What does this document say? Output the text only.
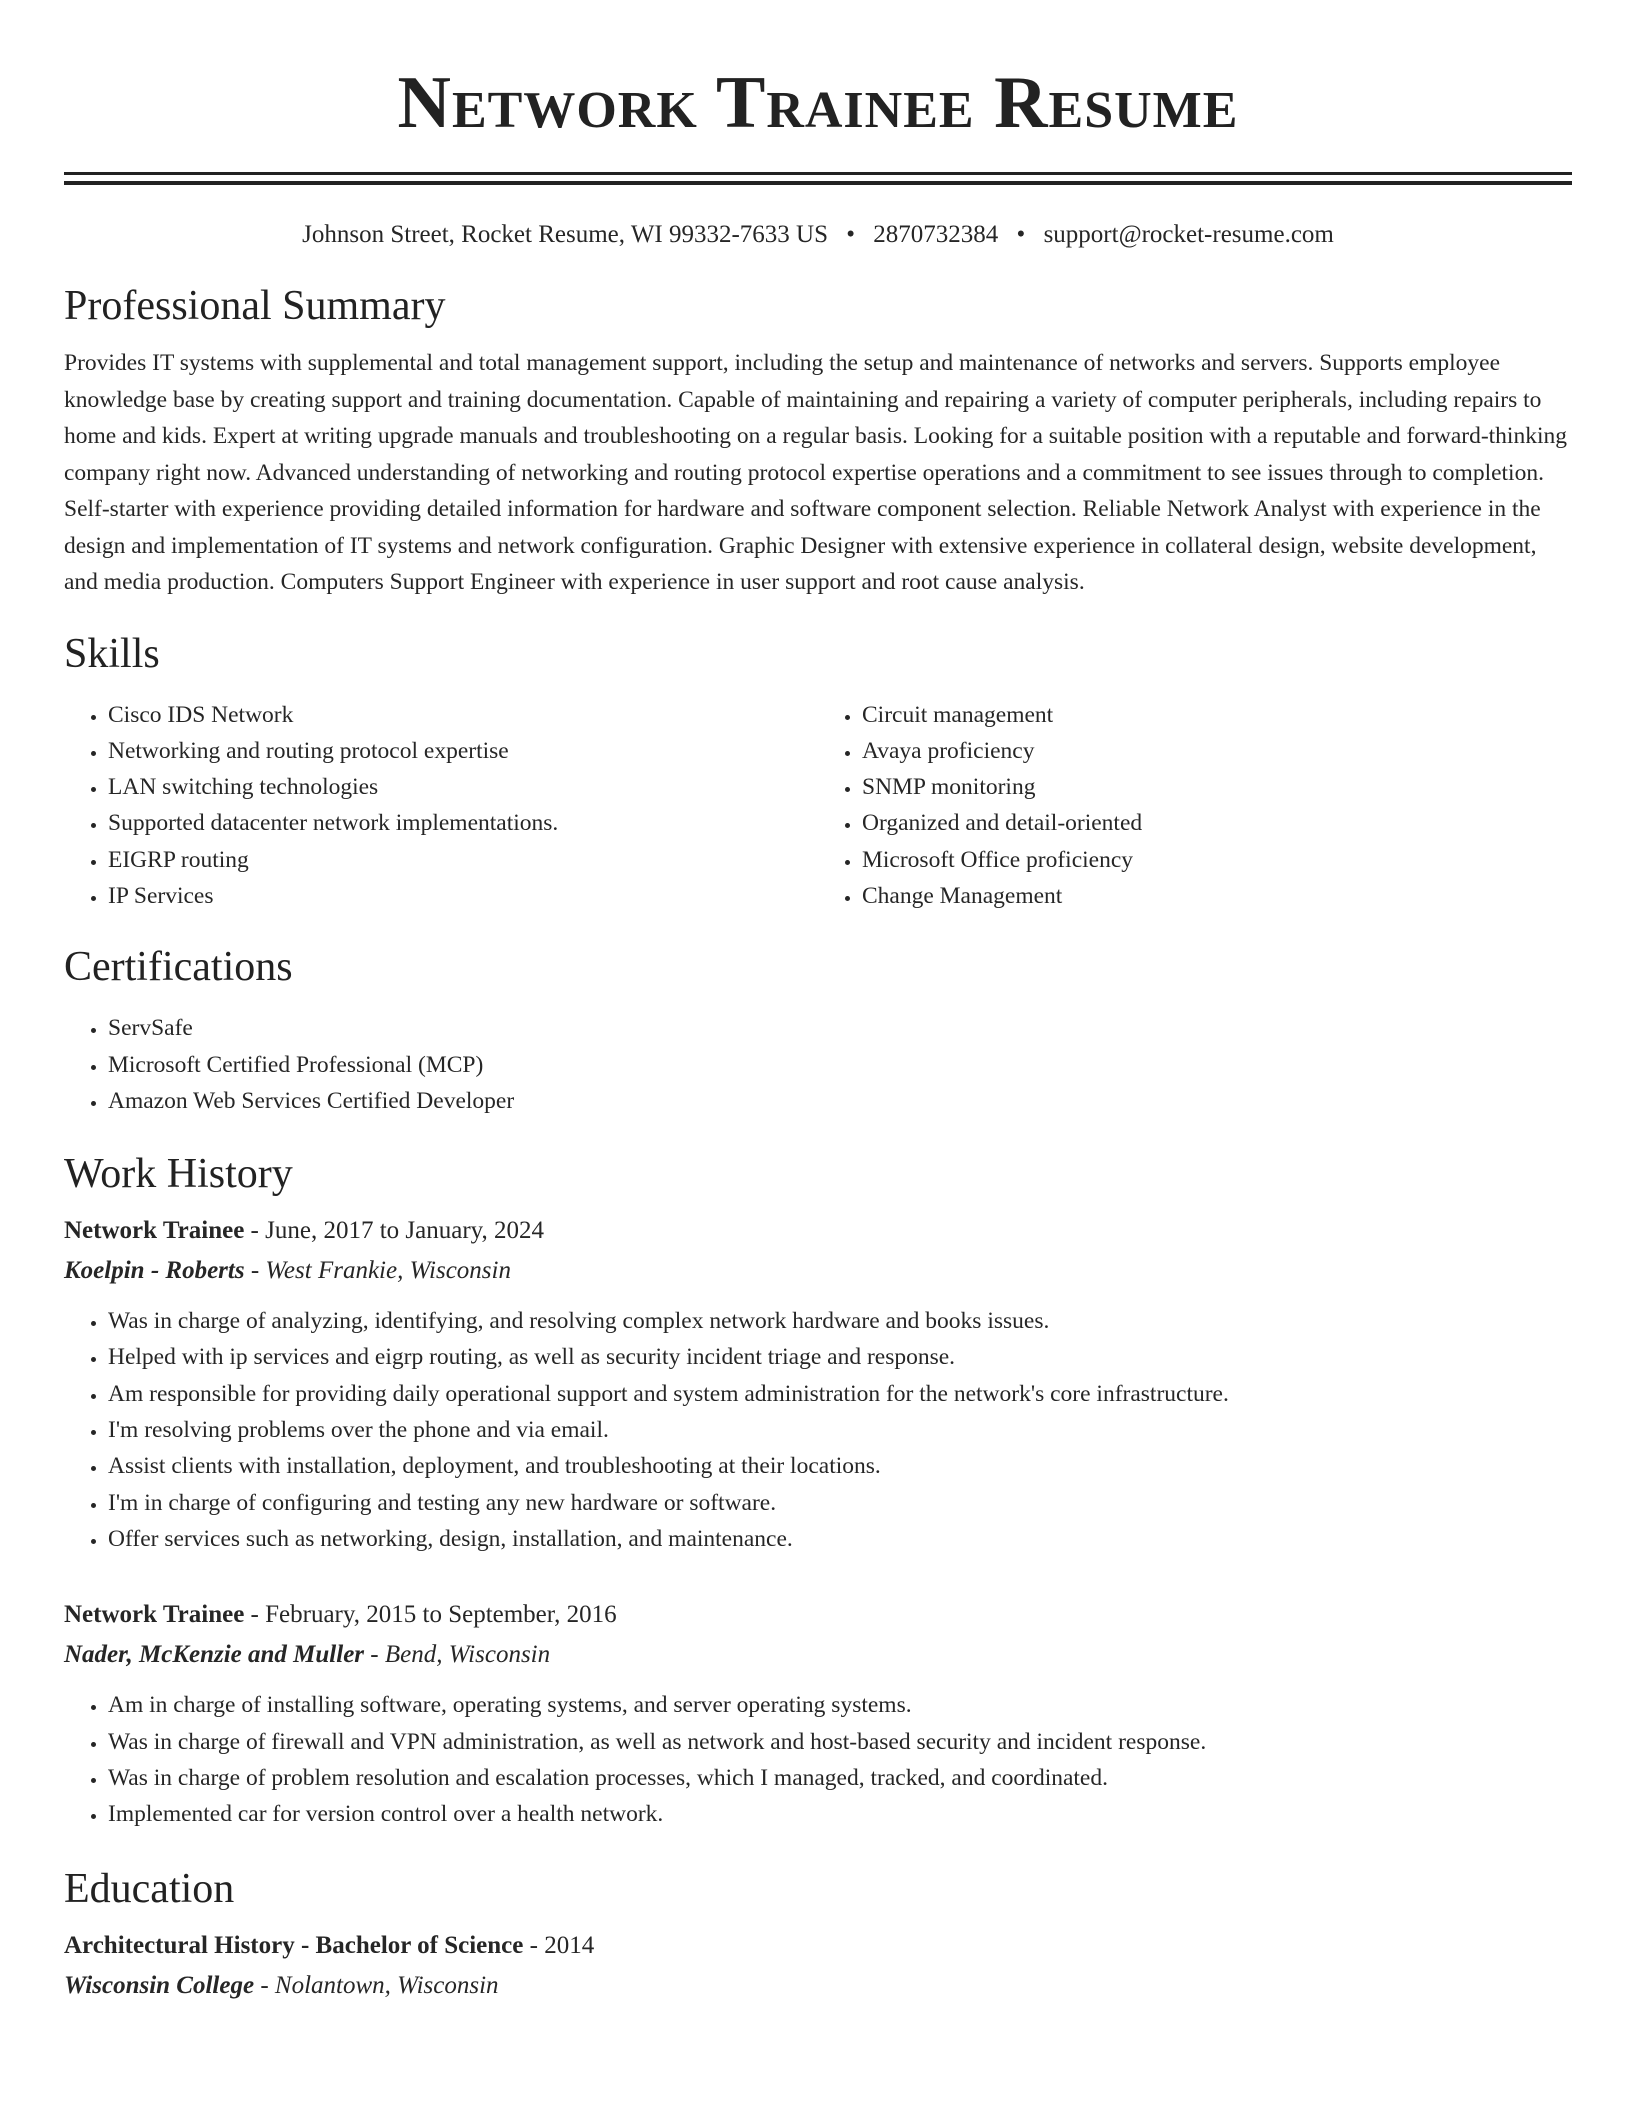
Network Trainee Resume
Johnson Street, Rocket Resume, WI 99332-7633 US • 2870732384 • support@rocket-resume.com
Professional Summary

Provides IT systems with supplemental and total management support, including the setup and maintenance of networks and servers. Supports employee knowledge base by creating support and training documentation. Capable of maintaining and repairing a variety of computer peripherals, including repairs to home and kids. Expert at writing upgrade manuals and troubleshooting on a regular basis. Looking for a suitable position with a reputable and forward-thinking company right now. Advanced understanding of networking and routing protocol expertise operations and a commitment to see issues through to completion. Self-starter with experience providing detailed information for hardware and software component selection. Reliable Network Analyst with experience in the design and implementation of IT systems and network configuration. Graphic Designer with extensive experience in collateral design, website development, and media production. Computers Support Engineer with experience in user support and root cause analysis.

Skills
• Cisco IDS Network
• Networking and routing protocol expertise
• LAN switching technologies
• Supported datacenter network implementations.
• EIGRP routing
• IP Services
• Circuit management
• Avaya proficiency
• SNMP monitoring
• Organized and detail-oriented
• Microsoft Office proficiency
• Change Management
Certifications
• ServSafe
• Microsoft Certified Professional (MCP)
• Amazon Web Services Certified Developer
Work History
Network Trainee - June, 2017 to January, 2024
Koelpin - Roberts - West Frankie, Wisconsin
• Was in charge of analyzing, identifying, and resolving complex network hardware and books issues.
• Helped with ip services and eigrp routing, as well as security incident triage and response.
• Am responsible for providing daily operational support and system administration for the network's core infrastructure.
• I'm resolving problems over the phone and via email.
• Assist clients with installation, deployment, and troubleshooting at their locations.
• I'm in charge of configuring and testing any new hardware or software.
• Offer services such as networking, design, installation, and maintenance.
Network Trainee - February, 2015 to September, 2016
Nader, McKenzie and Muller - Bend, Wisconsin
• Am in charge of installing software, operating systems, and server operating systems.
• Was in charge of firewall and VPN administration, as well as network and host-based security and incident response.
• Was in charge of problem resolution and escalation processes, which I managed, tracked, and coordinated.
• Implemented car for version control over a health network.
Education
Architectural History - Bachelor of Science - 2014
Wisconsin College - Nolantown, Wisconsin
